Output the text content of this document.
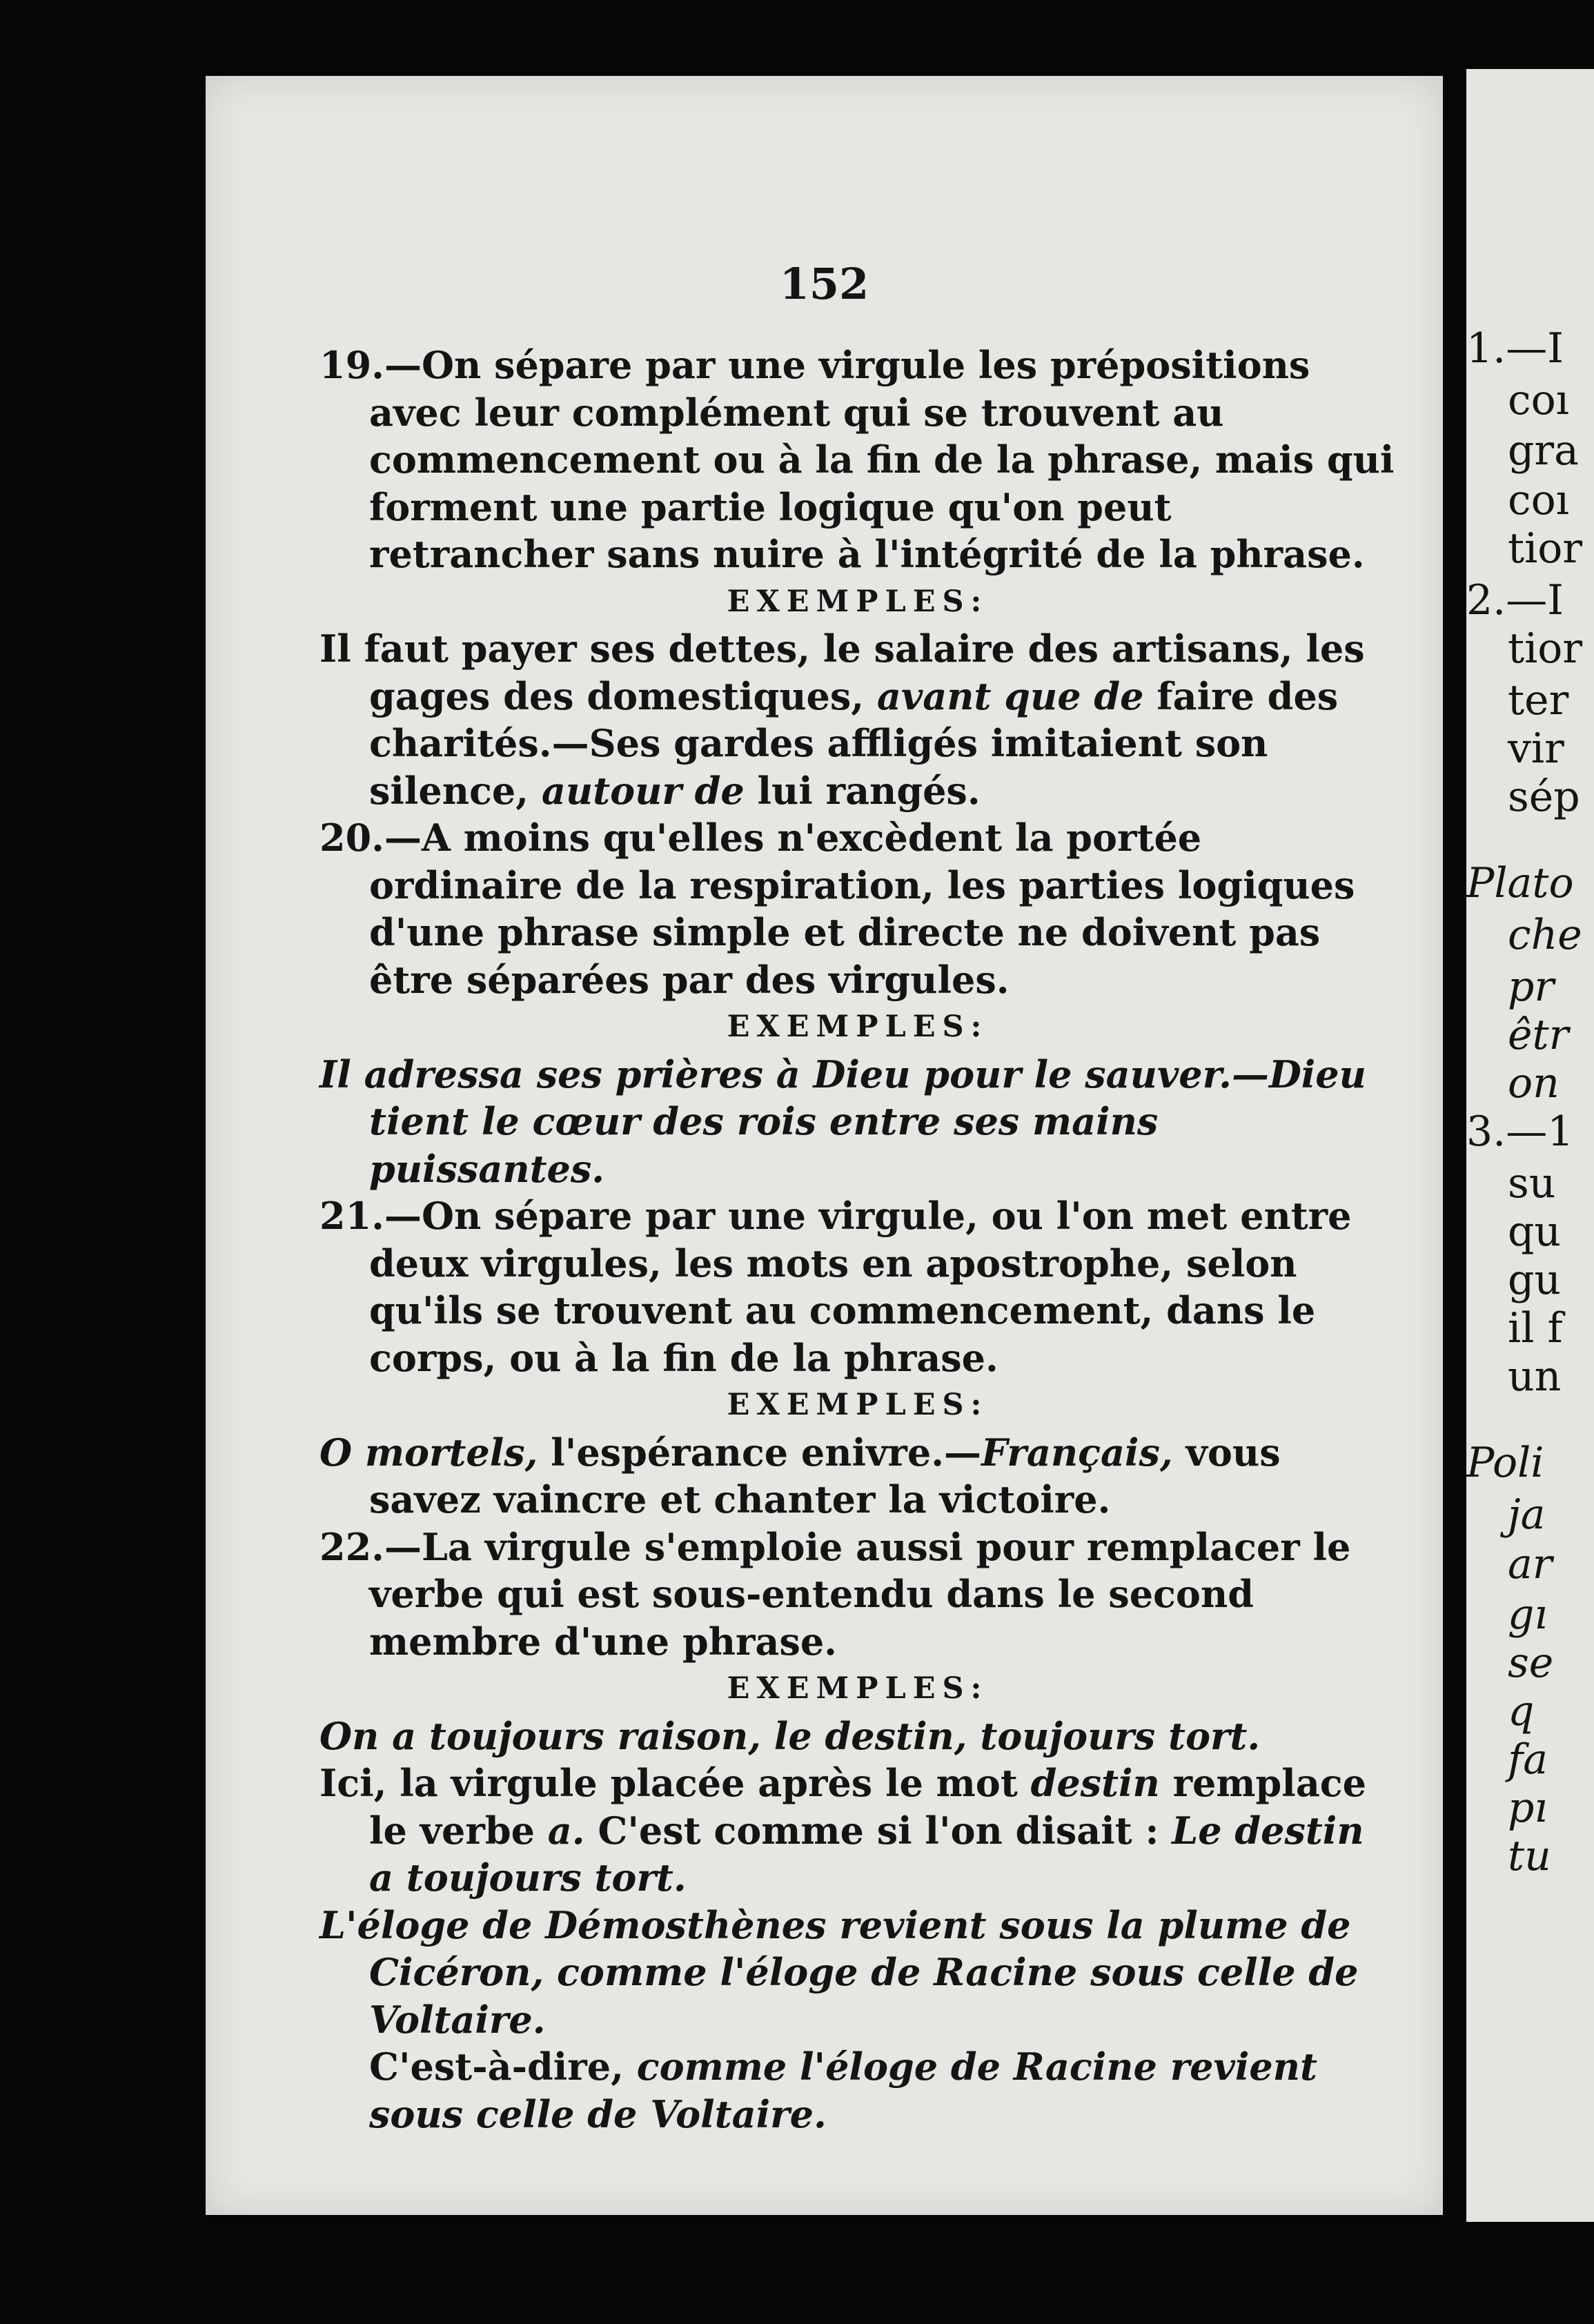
152

19.—On sépare par une virgule les prépositions avec leur complément qui se trouvent au commencement ou à la fin de la phrase, mais qui forment une partie logique qu'on peut retrancher sans nuire à l'intégrité de la phrase.

EXEMPLES:

Il faut payer ses dettes, le salaire des artisans, les gages des domestiques, avant que de faire des charités.—Ses gardes affligés imitaient son silence, autour de lui rangés.

20.—A moins qu'elles n'excèdent la portée ordinaire de la respiration, les parties logiques d'une phrase simple et directe ne doivent pas être séparées par des virgules.

EXEMPLES:

Il adressa ses prières à Dieu pour le sauver.—Dieu tient le cœur des rois entre ses mains puissantes.

21.—On sépare par une virgule, ou l'on met entre deux virgules, les mots en apostrophe, selon qu'ils se trouvent au commencement, dans le corps, ou à la fin de la phrase.

EXEMPLES:

O mortels, l'espérance enivre.—Français, vous savez vaincre et chanter la victoire.

22.—La virgule s'emploie aussi pour remplacer le verbe qui est sous-entendu dans le second membre d'une phrase.

EXEMPLES:

On a toujours raison, le destin, toujours tort.

Ici, la virgule placée après le mot destin remplace le verbe a. C'est comme si l'on disait : Le destin a toujours tort.

L'éloge de Démosthènes revient sous la plume de Cicéron, comme l'éloge de Racine sous celle de Voltaire.

C'est-à-dire, comme l'éloge de Racine revient sous celle de Voltaire.

1.—I
coı
gra
coı
tior
2.—I
tior
ter
vir
sép
Plato
che
pr
êtr
on
3.—1
su
qu
gu
il f
un
Poli
ja
ar
gı
se
q
fa
pı
tu
